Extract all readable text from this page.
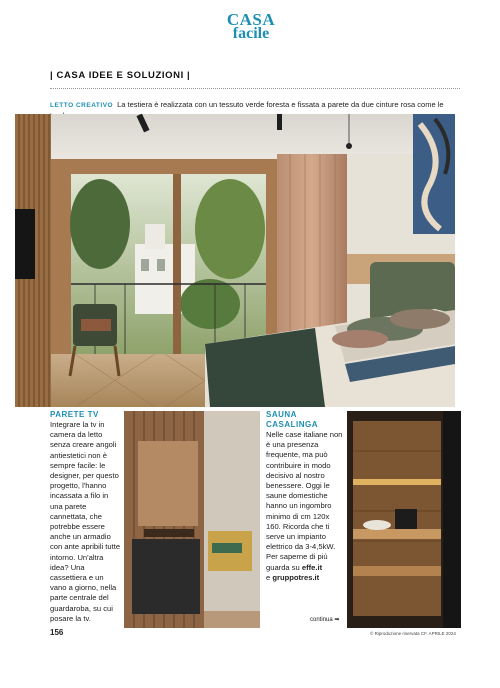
CASA
facile
| CASA IDEE E SOLUZIONI |
LETTO CREATIVO La testiera è realizzata con un tessuto verde foresta e fissata a parete da due cinture rosa come le
PARETE TV

Integrare la tv in camera da letto senza creare angoli antiestetici non è sempre facile: le designer, per questo progetto, l'hanno incassata a filo in una parete cannettata, che potrebbe essere anche un armadio con ante apribili tutte intorno. Un'altra idea? Una cassettiera e un vano a giorno, nella parte centrale del guardaroba, su cui posare la tv.

SAUNA
CASALINGA

Nelle case italiane non è una presenza frequente, ma può contribuire in modo decisivo al nostro benessere. Oggi le saune domestiche hanno un ingombro minimo di cm 120x 160. Ricorda che ti serve un impianto elettrico da 3-4,5kW. Per saperne di più guarda su effe.it
e gruppotres.it

continua ➡
156	© Riproduzione riservata CF. APRILE 2024
